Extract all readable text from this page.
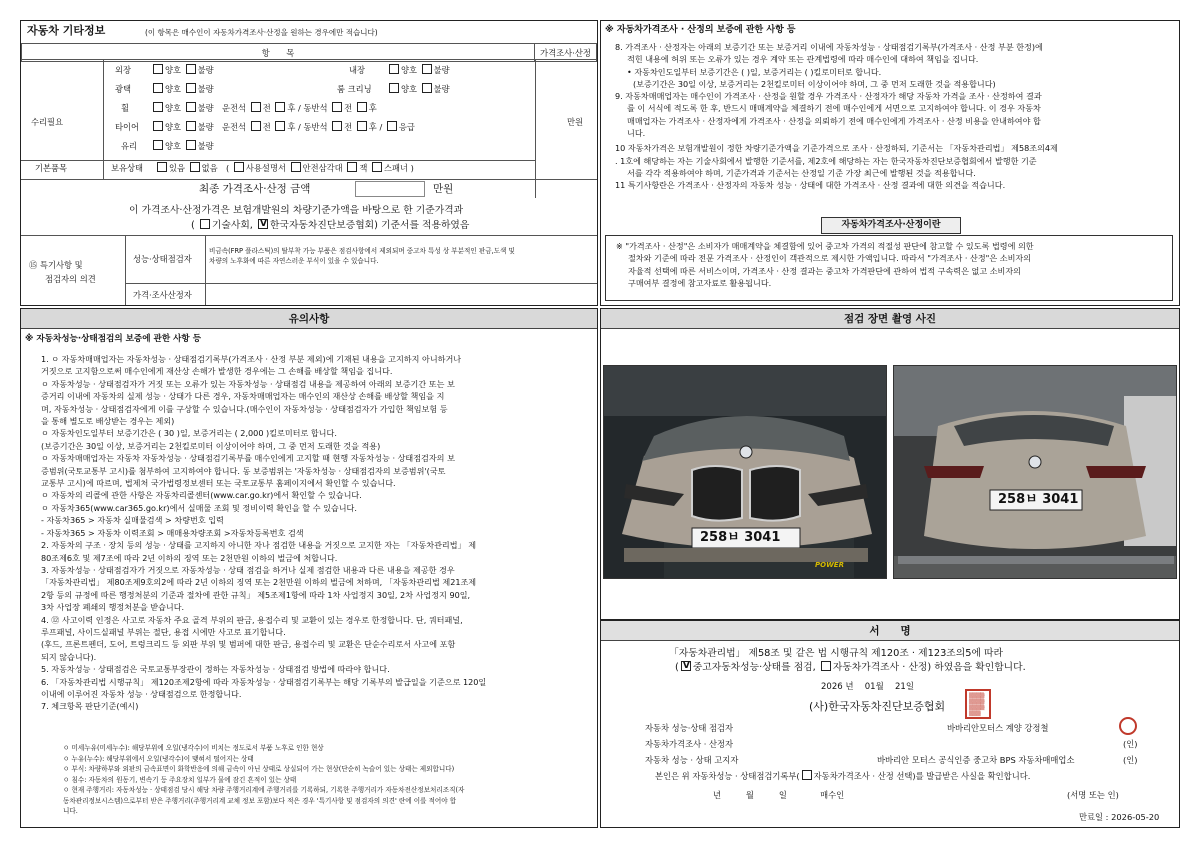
자동차 기타정보	(이 항목은 매수인이 자동차가격조사·산정을 원하는 경우에만 적습니다)
항　　목	가격조사·산정
수리필요	만원
외장	양호 불량	내장	양호 불량
광택	양호 불량	룸 크리닝	양호 불량
휠	양호 불량　 운전석 전 후 / 동반석 전 후
타이어	양호 불량　 운전석 전 후 / 동반석 전 후 / 응급
유리	양호 불량
기본품목	보유상태	있음 없음　 ( 사용설명서 안전삼각대 잭 스패너 )
최종 가격조사·산정 금액	만원
이 가격조사·산정가격은 보험개발원의 차량기준가액을 바탕으로 한 기준가격과
( 기술사회, V한국자동차진단보증협회) 기준서를 적용하였음
⑮ 특기사항 및
점검자의 의견
성능·상태점검자
비금속(FRP 플라스틱)의 탈부착 가능 부품은 점검사항에서 제외되며 중고차 특성 상 부분적인 판금,도색 및
차량의 노후화에 따른 자연스러운 부식이 있을 수 있습니다.
가격·조사산정자
※ 자동차가격조사 · 산정의 보증에 관한 사항 등

8. 가격조사 · 산정자는 아래의 보증기간 또는 보증거리 이내에 자동차성능 · 상태점검기록부(가격조사 · 산정 부분 한정)에

적힌 내용에 허위 또는 오류가 있는 경우 계약 또는 관계법령에 따라 매수인에 대하여 책임을 집니다.

• 자동차인도일부터 보증기간은 ( )일, 보증거리는 ( )킬로미터로 합니다.

(보증기간은 30일 이상, 보증거리는 2천킬로미터 이상이어야 하며, 그 중 먼저 도래한 것을 적용합니다)

9. 자동차매매업자는 매수인이 가격조사 · 산정을 원할 경우 가격조사 · 산정자가 해당 자동차 가격을 조사 · 산정하여 결과

를 이 서식에 적도록 한 후, 반드시 매매계약을 체결하기 전에 매수인에게 서면으로 고지하여야 합니다. 이 경우 자동차

매매업자는 가격조사 · 산정자에게 가격조사 · 산정을 의뢰하기 전에 매수인에게 가격조사 · 산정 비용을 안내하여야 합

니다.

10 자동차가격은 보험개발원이 정한 차량기준가액을 기준가격으로 조사 · 산정하되, 기준서는 「자동차관리법」 제58조의4제

. 1호에 해당하는 자는 기술사회에서 발행한 기준서를, 제2호에 해당하는 자는 한국자동차진단보증협회에서 발행한 기준

서를 각각 적용하여야 하며, 기준가격과 기준서는 산정일 기준 가장 최근에 발행된 것을 적용합니다.

11 특기사항란은 가격조사 · 산정자의 자동차 성능 · 상태에 대한 가격조사 · 산정 결과에 대한 의견을 적습니다.

자동차가격조사·산정이란

※ "가격조사 · 산정"은 소비자가 매매계약을 체결함에 있어 중고차 가격의 적절성 판단에 참고할 수 있도록 법령에 의한

절차와 기준에 따라 전문 가격조사 · 산정인이 객관적으로 제시한 가액입니다. 따라서 "가격조사 · 산정"은 소비자의

자율적 선택에 따른 서비스이며, 가격조사 · 산정 결과는 중고차 가격판단에 관하여 법적 구속력은 없고 소비자의

구매여부 결정에 참고자료로 활용됩니다.

유의사항
※ 자동차성능·상태점검의 보증에 관한 사항 등

1. ㅇ 자동차매매업자는 자동차성능 · 상태점검기록부(가격조사 · 산정 부분 제외)에 기재된 내용을 고지하지 아니하거나

거짓으로 고지함으로써 매수인에게 재산상 손해가 발생한 경우에는 그 손해를 배상할 책임을 집니다.

ㅇ 자동차성능 · 상태점검자가 거짓 또는 오류가 있는 자동차성능 · 상태점검 내용을 제공하여 아래의 보증기간 또는 보

증거리 이내에 자동차의 실제 성능 · 상태가 다른 경우, 자동차매매업자는 매수인의 재산상 손해를 배상할 책임을 지

며, 자동차성능 · 상태점검자에게 이를 구상할 수 있습니다.(매수인이 자동차성능 · 상태점검자가 가입한 책임보험 등

을 통해 별도로 배상받는 경우는 제외)

ㅇ 자동차인도일부터 보증기간은 ( 30 )일, 보증거리는 ( 2,000 )킬로미터로 합니다.

(보증기간은 30일 이상, 보증거리는 2천킬로미터 이상이어야 하며, 그 중 먼저 도래한 것을 적용)

ㅇ 자동차매매업자는 자동차 자동차성능 · 상태점검기록부를 매수인에게 고지할 때 현행 자동차성능 · 상태점검자의 보

증범위(국토교통부 고시)를 첨부하여 고지하여야 합니다. 동 보증범위는 '자동차성능 · 상태점검자의 보증범위'(국토

교통부 고시)에 따르며, 법제처 국가법령정보센터 또는 국토교통부 홈페이지에서 확인할 수 있습니다.

ㅇ 자동차의 리콜에 관한 사항은 자동차리콜센터(www.car.go.kr)에서 확인할 수 있습니다.

ㅇ 자동차365(www.car365.go.kr)에서 실매물 조회 및 정비이력 확인을 할 수 있습니다.

- 자동차365 > 자동차 실매물검색 > 차량번호 입력

- 자동차365 > 자동차 이력조회 > 매매용차량조회 >자동차등록번호 검색

2. 자동차의 구조 · 장치 등의 성능 · 상태를 고지하지 아니한 자나 점검한 내용을 거짓으로 고지한 자는 「자동차관리법」 제

80조제6호 및 제7조에 따라 2년 이하의 징역 또는 2천만원 이하의 벌금에 처합니다.

3. 자동차성능 · 상태점검자가 거짓으로 자동차성능 · 상태 점검을 하거나 실제 점검한 내용과 다른 내용을 제공한 경우

「자동차관리법」 제80조제9호의2에 따라 2년 이하의 징역 또는 2천만원 이하의 벌금에 처하며, 「자동차관리법 제21조제

2항 등의 규정에 따른 행정처분의 기준과 절차에 관한 규칙」 제5조제1항에 따라 1차 사업정지 30일, 2차 사업정지 90일,

3차 사업장 폐쇄의 행정처분을 받습니다.

4. ⑫ 사고이력 인정은 사고로 자동차 주요 골격 부위의 판금, 용접수리 및 교환이 있는 경우로 한정합니다. 단, 쿼터패널,

루프패널, 사이드실패널 부위는 절단, 용접 시에만 사고로 표기합니다.

(후드, 프론트펜더, 도어, 트렁크리드 등 외판 부위 및 범퍼에 대한 판금, 용접수리 및 교환은 단순수리로서 사고에 포함

되지 않습니다).

5. 자동차성능 · 상태점검은 국토교통부장관이 정하는 자동차성능 · 상태점검 방법에 따라야 합니다.

6. 「자동차관리법 시행규칙」 제120조제2항에 따라 자동차성능 · 상태점검기록부는 해당 기록부의 발급일을 기준으로 120일

이내에 이루어진 자동차 성능 · 상태점검으로 한정합니다.

7. 체크항목 판단기준(예시)

ㅇ 미세누유(미세누수): 해당부위에 오일(냉각수)이 비치는 정도로서 부품 노후로 인한 현상

ㅇ 누유(누수): 해당부위에서 오일(냉각수)이 맺혀서 떨어지는 상태

ㅇ 부식: 차량하부와 외판의 금속표면이 화학반응에 의해 금속이 아닌 상태로 상실되어 가는 현상(단순히 녹슬어 있는 상태는 제외합니다)

ㅇ 침수: 자동차의 원동기, 변속기 등 주요장치 일부가 물에 잠긴 흔적이 있는 상태

ㅇ 현재 주행거리: 자동차성능 · 상태점검 당시 해당 차량 주행거리계에 주행거리를 기록하되, 기록한 주행거리가 자동차전산정보처리조직(자

동차관리정보시스템)으로부터 받은 주행거리(주행거리계 교체 정보 포함)보다 적은 경우 '특기사항 및 점검자의 의견' 란에 이를 적어야 합

니다.

점검 장면 촬영 사진
258ㅂ 3041
258ㅂ 3041
POWER
서　　명
「자동차관리법」 제58조 및 같은 법 시행규칙 제120조 · 제123조의5에 따라
(V 중고자동차성능·상태를 점검, 자동차가격조사 · 산정) 하였음을 확인합니다.
2026 년　 01월 　21일
(사)한국자동차진단보증협회
▒▒▒▒
▒▒▒▒
▒▒▒▒
▒▒▒
자동차 성능·상태 점검자	바바리안모터스 계양 강정철
자동차가격조사 · 산정자	(인)
자동차 성능 · 상태 고지자	바바리안 모터스 공식인증 중고차 BPS 자동차매매업소	(인)
본인은 위 자동차성능 · 상태점검기록부( 자동차가격조사 · 산정 선택)를 발급받은 사실을 확인합니다.
년　　　	월　　　	일　　　　	매수인	(서명 또는 인)
만료일 : 2026-05-20
